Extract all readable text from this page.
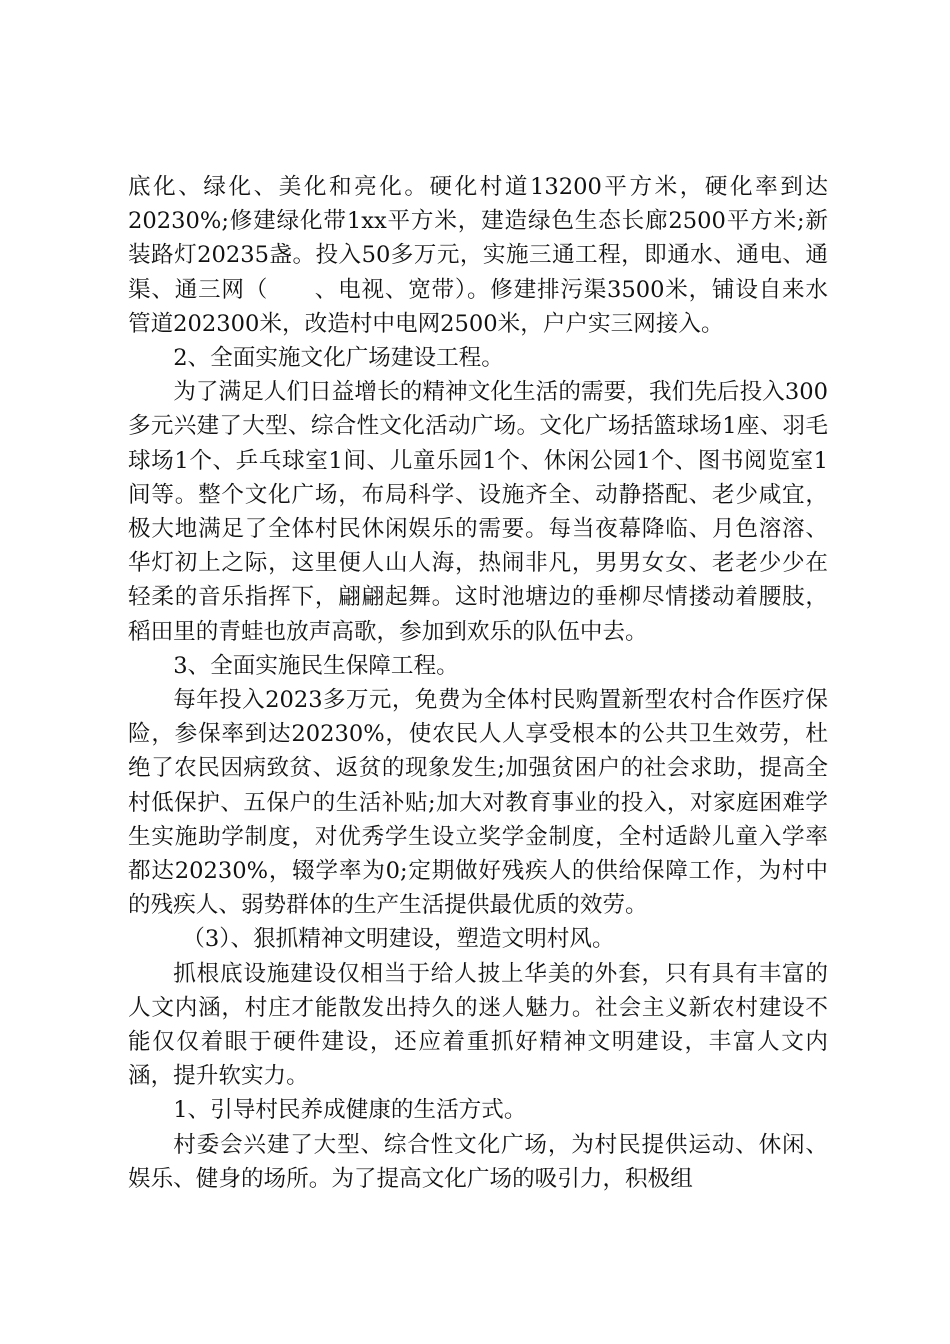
底化、绿化、美化和亮化。硬化村道13200平方米，硬化率到达20230%;修建绿化带1xx平方米，建造绿色生态长廊2500平方米;新装路灯20235盏。投入50多万元，实施三通工程，即通水、通电、通渠、通三网（　　、电视、宽带）。修建排污渠3500米，铺设自来水管道202300米，改造村中电网2500米，户户实三网接入。

2、全面实施文化广场建设工程。

为了满足人们日益增长的精神文化生活的需要，我们先后投入300多元兴建了大型、综合性文化活动广场。文化广场括篮球场1座、羽毛球场1个、乒乓球室1间、儿童乐园1个、休闲公园1个、图书阅览室1间等。整个文化广场，布局科学、设施齐全、动静搭配、老少咸宜，极大地满足了全体村民休闲娱乐的需要。每当夜幕降临、月色溶溶、华灯初上之际，这里便人山人海，热闹非凡，男男女女、老老少少在轻柔的音乐指挥下，翩翩起舞。这时池塘边的垂柳尽情搂动着腰肢，稻田里的青蛙也放声高歌，参加到欢乐的队伍中去。

3、全面实施民生保障工程。

每年投入2023多万元，免费为全体村民购置新型农村合作医疗保险，参保率到达20230%，使农民人人享受根本的公共卫生效劳，杜绝了农民因病致贫、返贫的现象发生;加强贫困户的社会求助，提高全村低保护、五保户的生活补贴;加大对教育事业的投入，对家庭困难学生实施助学制度，对优秀学生设立奖学金制度，全村适龄儿童入学率都达20230%，辍学率为0;定期做好残疾人的供给保障工作，为村中的残疾人、弱势群体的生产生活提供最优质的效劳。

（3）、狠抓精神文明建设，塑造文明村风。

抓根底设施建设仅相当于给人披上华美的外套，只有具有丰富的人文内涵，村庄才能散发出持久的迷人魅力。社会主义新农村建设不能仅仅着眼于硬件建设，还应着重抓好精神文明建设，丰富人文内涵，提升软实力。

1、引导村民养成健康的生活方式。

村委会兴建了大型、综合性文化广场，为村民提供运动、休闲、娱乐、健身的场所。为了提高文化广场的吸引力，积极组
